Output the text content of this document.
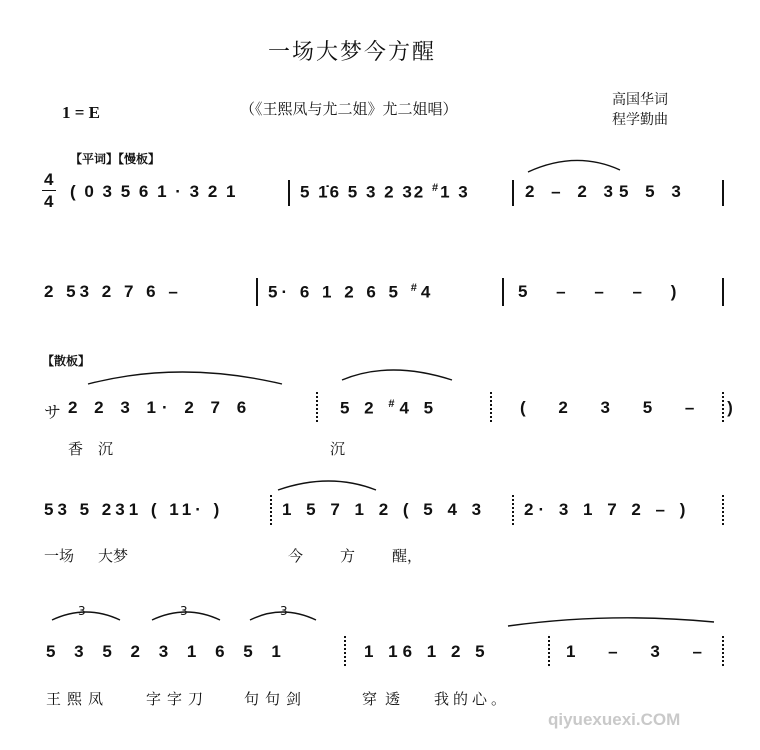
一场大梦今方醒
1 = E	（《王熙凤与尤二姐》尤二姐唱）	高国华词
程学勤曲
【平词】【慢板】
【散板】
4
4
( 0 3 5 6 1 · 3 2 1	5 1̇6 5 3 2 32 #1 3	2 – 2 35 5 3
2 53 2 7 6 –	5· 6 1 2 6 5 #4	5 – – – )
サ 2 2 3 1· 2 7 6	5 2 #4 5	( 2 3 5 – )
香 沉	沉
53 5 231 ( 11· )	1 5 7 1 2 ( 5 4 3 2· 3 1 7 2 – )
一场 大梦	今 方 醒，
5 3 5 2 3 1 6 5 1	1 16 1 2 5	1 – 3 –
王熙凤 字字刀 句句剑	穿透 我的心。
3	3	3
qiyuexuexi.COM
